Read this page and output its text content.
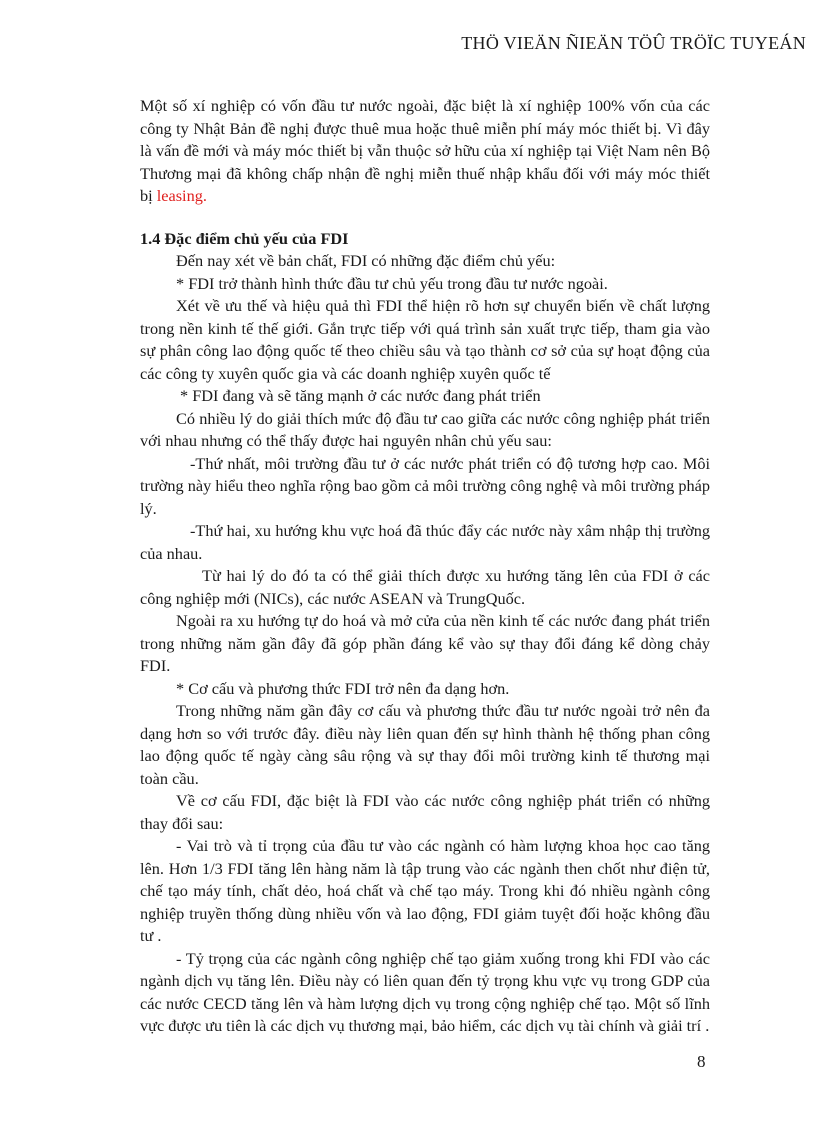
THÖ VIEÄN ÑIEÄN TÖÛ TRÖÏC TUYEÁN

Một số xí nghiệp có vốn đầu tư nước ngoài, đặc biệt là xí nghiệp 100% vốn của các công ty Nhật Bản đề nghị được thuê mua hoặc thuê miễn phí máy móc thiết bị. Vì đây là vấn đề mới và máy móc thiết bị vẫn thuộc sở hữu của xí nghiệp tại Việt Nam nên Bộ Thương mại đã không chấp nhận đề nghị miễn thuế nhập khẩu đối với máy móc thiết bị leasing.

1.4 Đặc điểm chủ yếu của FDI

Đến nay xét về bản chất, FDI có những đặc điểm chủ yếu:

* FDI trở thành hình thức đầu tư chủ yếu trong đầu tư nước ngoài.

Xét về ưu thế và hiệu quả thì FDI thể hiện rõ hơn sự chuyển biến về chất lượng trong nền kinh tế thế giới. Gắn trực tiếp với quá trình sản xuất trực tiếp, tham gia vào sự phân công lao động quốc tế theo chiều sâu và tạo thành cơ sở của sự hoạt động của các công ty xuyên quốc gia và các doanh nghiệp xuyên quốc tế

* FDI đang và sẽ tăng mạnh ở các nước đang phát triển

Có nhiều lý do giải thích mức độ đầu tư cao giữa các nước công nghiệp phát triển với nhau nhưng có thể thấy được hai nguyên nhân chủ yếu sau:

-Thứ nhất, môi trường đầu tư ở các nước phát triển có độ tương hợp cao. Môi trường này hiểu theo nghĩa rộng bao gồm cả môi trường công nghệ và môi trường pháp lý.

-Thứ hai, xu hướng khu vực hoá đã thúc đẩy các nước này xâm nhập thị trường của nhau.

Từ hai lý do đó ta có thể giải thích được xu hướng tăng lên của FDI ở các công nghiệp mới (NICs), các nước ASEAN và TrungQuốc.

Ngoài ra xu hướng tự do hoá và mở cửa của nền kinh tế các nước đang phát triển trong những năm gần đây đã góp phần đáng kể vào sự thay đổi đáng kể dòng chảy FDI.

* Cơ cấu và phương thức FDI trở nên đa dạng hơn.

Trong những năm gần đây cơ cấu và phương thức đầu tư nước ngoài trở nên đa dạng hơn so với trước đây. điều này liên quan đến sự hình thành hệ thống phan công lao động quốc tế ngày càng sâu rộng và sự thay đổi môi trường kinh tế thương mại toàn cầu.

Về cơ cấu FDI, đặc biệt là FDI vào các nước công nghiệp phát triển có những thay đổi sau:

- Vai trò và tỉ trọng của đầu tư vào các ngành có hàm lượng khoa học cao tăng lên. Hơn 1/3 FDI tăng lên hàng năm là tập trung vào các ngành then chốt như điện tử, chế tạo máy tính, chất dẻo, hoá chất và chế tạo máy. Trong khi đó nhiều ngành công nghiệp truyền thống dùng nhiều vốn và lao động, FDI giảm tuyệt đối hoặc không đầu tư .

- Tỷ trọng của các ngành công nghiệp chế tạo giảm xuống trong khi FDI vào các ngành dịch vụ tăng lên. Điều này có liên quan đến tỷ trọng khu vực vụ trong GDP của các nước CECD tăng lên và hàm lượng dịch vụ trong cộng nghiệp chế tạo. Một số lĩnh vực được ưu tiên là các dịch vụ thương mại, bảo hiểm, các dịch vụ tài chính và giải trí .

8
